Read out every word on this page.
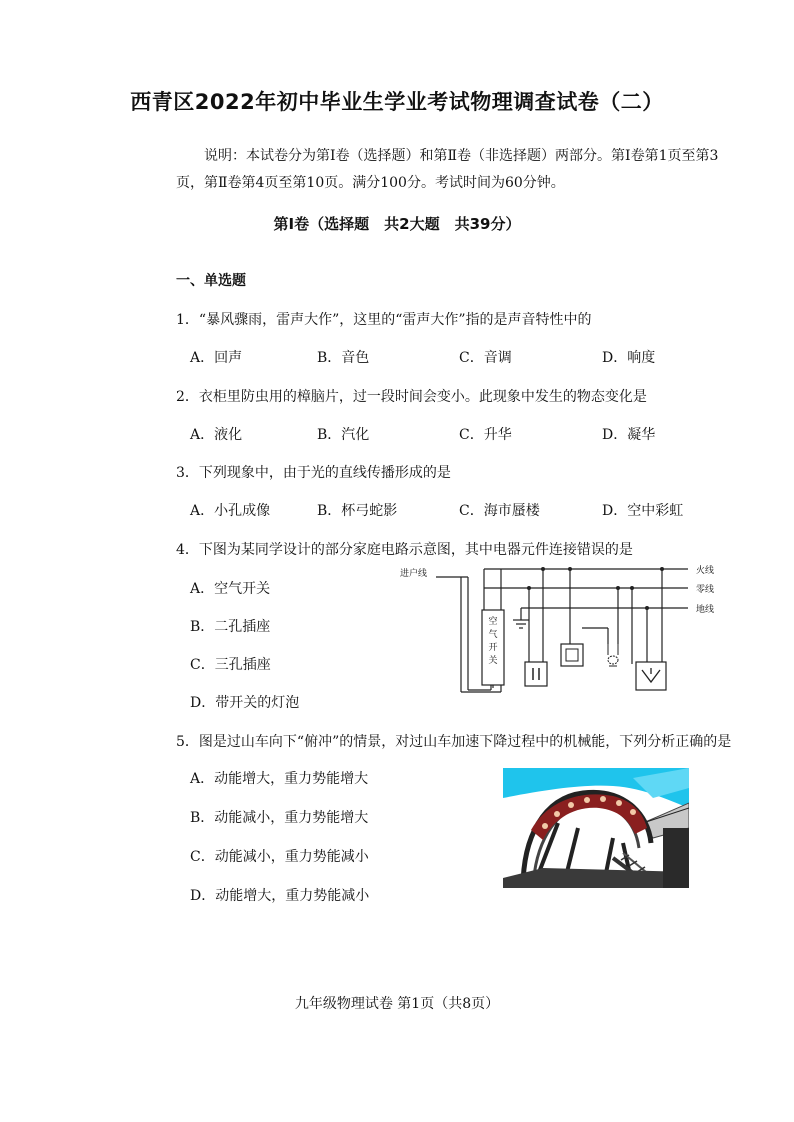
西青区2022年初中毕业生学业考试物理调查试卷（二）
说明：本试卷分为第Ⅰ卷（选择题）和第Ⅱ卷（非选择题）两部分。第Ⅰ卷第1页至第3
页，第Ⅱ卷第4页至第10页。满分100分。考试时间为60分钟。
第Ⅰ卷（选择题　共2大题　共39分）
一、单选题
1．“暴风骤雨，雷声大作”，这里的“雷声大作”指的是声音特性中的
A．回声	B．音色	C．音调	D．响度
2．衣柜里防虫用的樟脑片，过一段时间会变小。此现象中发生的物态变化是
A．液化	B．汽化	C．升华	D．凝华
3．下列现象中，由于光的直线传播形成的是
A．小孔成像	B．杯弓蛇影	C．海市蜃楼	D．空中彩虹
4．下图为某同学设计的部分家庭电路示意图，其中电器元件连接错误的是
A．空气开关
B．二孔插座
C．三孔插座
D．带开关的灯泡
进户线	火线
零线
地线
空
气
开
关
5．图是过山车向下“俯冲”的情景，对过山车加速下降过程中的机械能，下列分析正确的是
A．动能增大，重力势能增大
B．动能减小，重力势能增大
C．动能减小，重力势能减小
D．动能增大，重力势能减小
九年级物理试卷 第1页（共8页）
